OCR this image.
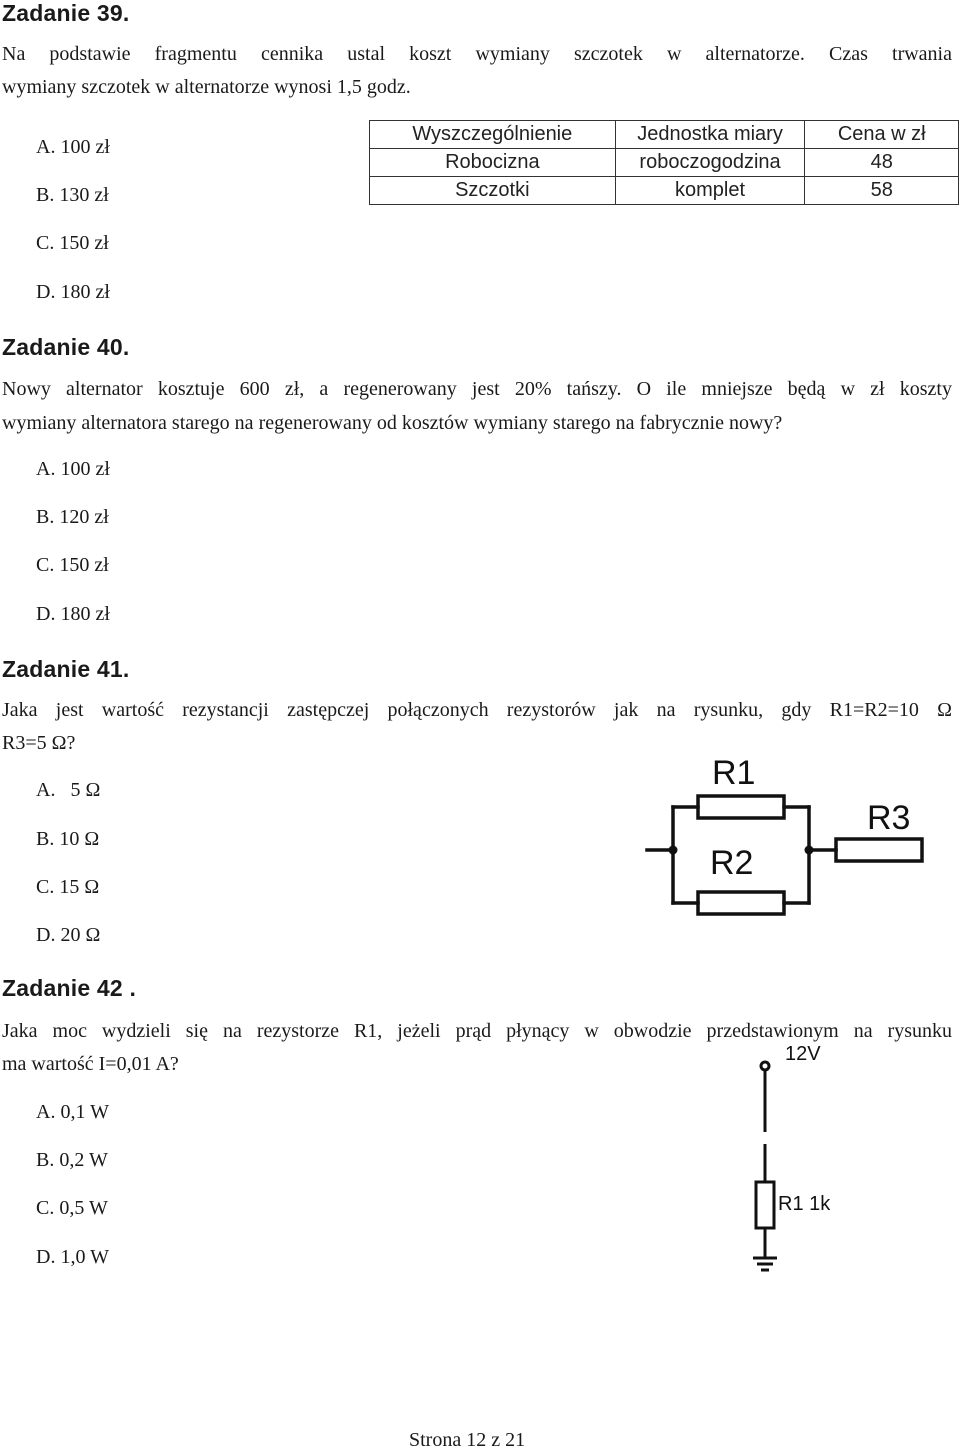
Zadanie 39.
Na podstawie fragmentu cennika ustal koszt wymiany szczotek w alternatorze. Czas trwania
wymiany szczotek w alternatorze wynosi 1,5 godz.
A. 100 zł
B. 130 zł
C. 150 zł
D. 180 zł
Wyszczególnienie	Jednostka miary	Cena w zł
Robocizna	roboczogodzina	48
Szczotki	komplet	58
Zadanie 40.
Nowy alternator kosztuje 600 zł, a regenerowany jest 20% tańszy. O ile mniejsze będą w zł koszty
wymiany alternatora starego na regenerowany od kosztów wymiany starego na fabrycznie nowy?
A. 100 zł
B. 120 zł
C. 150 zł
D. 180 zł
Zadanie 41.
Jaka jest wartość rezystancji zastępczej połączonych rezystorów jak na rysunku, gdy R1=R2=10 Ω
R3=5 Ω?
A.   5 Ω
B. 10 Ω
C. 15 Ω
D. 20 Ω
R1
R2
R3
Zadanie 42 .
Jaka moc wydzieli się na rezystorze R1, jeżeli prąd płynący w obwodzie przedstawionym na rysunku
ma wartość I=0,01 A?
A. 0,1 W
B. 0,2 W
C. 0,5 W
D. 1,0 W
12V
R1 1k
Strona 12 z 21
